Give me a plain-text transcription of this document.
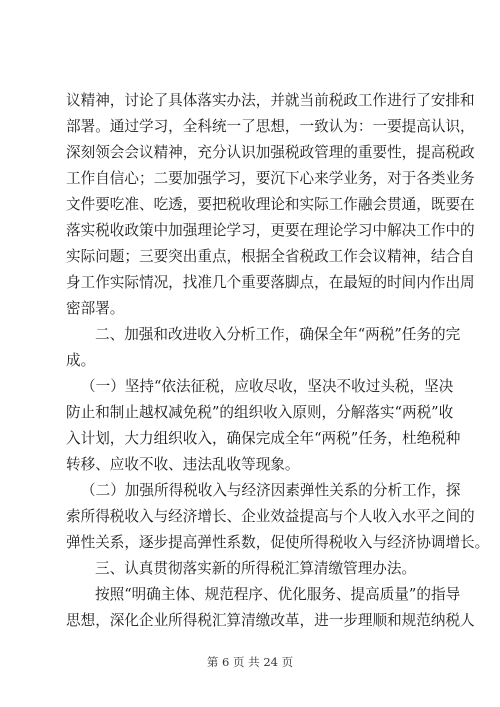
议精神，讨论了具体落实办法，并就当前税政工作进行了安排和
部署。通过学习，全科统一了思想，一致认为：一要提高认识，
深刻领会会议精神，充分认识加强税政管理的重要性，提高税政
工作自信心；二要加强学习，要沉下心来学业务，对于各类业务
文件要吃准、吃透，要把税收理论和实际工作融会贯通，既要在
落实税收政策中加强理论学习，更要在理论学习中解决工作中的
实际问题；三要突出重点，根据全省税政工作会议精神，结合自
身工作实际情况，找准几个重要落脚点，在最短的时间内作出周
密部署。
二、加强和改进收入分析工作，确保全年“两税”任务的完
成。
（一）坚持“依法征税，应收尽收，坚决不收过头税，坚决
防止和制止越权减免税”的组织收入原则，分解落实“两税”收
入计划，大力组织收入，确保完成全年“两税”任务，杜绝税种
转移、应收不收、违法乱收等现象。
（二）加强所得税收入与经济因素弹性关系的分析工作，探
索所得税收入与经济增长、企业效益提高与个人收入水平之间的
弹性关系，逐步提高弹性系数，促使所得税收入与经济协调增长。
三、认真贯彻落实新的所得税汇算清缴管理办法。
按照“明确主体、规范程序、优化服务、提高质量”的指导
思想，深化企业所得税汇算清缴改革，进一步理顺和规范纳税人
第 6 页 共 24 页
